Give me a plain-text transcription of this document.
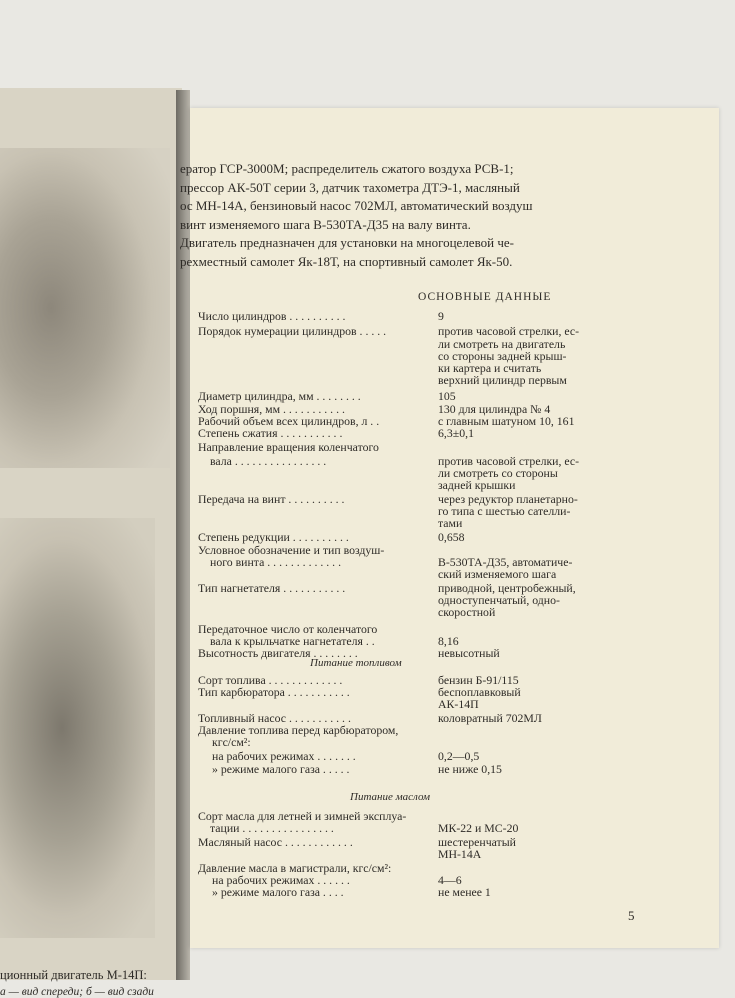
ционный двигатель М-14П:
а — вид спереди; б — вид сзади

ератор ГСР-3000М; распределитель сжатого воздуха РСВ-1;

прессор АК-50Т серии 3, датчик тахометра ДТЭ-1, масляный

ос МН-14А, бензиновый насос 702МЛ, автоматический воздуш

винт изменяемого шага В-530ТА-Д35 на валу винта.

Двигатель предназначен для установки на многоцелевой че-

рехместный самолет Як-18Т, на спортивный самолет Як-50.

ОСНОВНЫЕ ДАННЫЕ
Число цилиндров . . . . . . . . . .	9
Порядок нумерации цилиндров . . . . .	против часовой стрелки, ес-
ли смотреть на двигатель
со стороны задней крыш-
ки картера и считать
верхний цилиндр первым
Диаметр цилиндра, мм . . . . . . . .	105
Ход поршня, мм . . . . . . . . . . .	130 для цилиндра № 4
Рабочий объем всех цилиндров, л . .	с главным шатуном 10, 161
Степень сжатия . . . . . . . . . . .	6,3±0,1
Направление вращения коленчатого
вала . . . . . . . . . . . . . . . .	против часовой стрелки, ес-
ли смотреть со стороны
задней крышки
Передача на винт . . . . . . . . . .	через редуктор планетарно-
го типа с шестью сателли-
тами
Степень редукции . . . . . . . . . .	0,658
Условное обозначение и тип воздуш-
ного винта . . . . . . . . . . . . .	В-530ТА-Д35, автоматиче-
ский изменяемого шага
Тип нагнетателя . . . . . . . . . . .	приводной, центробежный,
одноступенчатый, одно-
скоростной
Передаточное число от коленчатого
вала к крыльчатке нагнетателя . .	8,16
Высотность двигателя . . . . . . . .	невысотный
Питание топливом
Сорт топлива . . . . . . . . . . . . .	бензин Б-91/115
Тип карбюратора . . . . . . . . . . .	беспоплавковый
АК-14П
Топливный насос . . . . . . . . . . .	коловратный 702МЛ
Давление топлива перед карбюратором,
кгс/см²:
на рабочих режимах . . . . . . .	0,2—0,5
» режиме малого газа . . . . .	не ниже 0,15
Питание маслом
Сорт масла для летней и зимней эксплуа-
тации . . . . . . . . . . . . . . . .	МК-22 и МС-20
Масляный насос . . . . . . . . . . . .	шестеренчатый
МН-14А
Давление масла в магистрали, кгс/см²:
на рабочих режимах . . . . . .	4—6
» режиме малого газа . . . .	не менее 1
5
